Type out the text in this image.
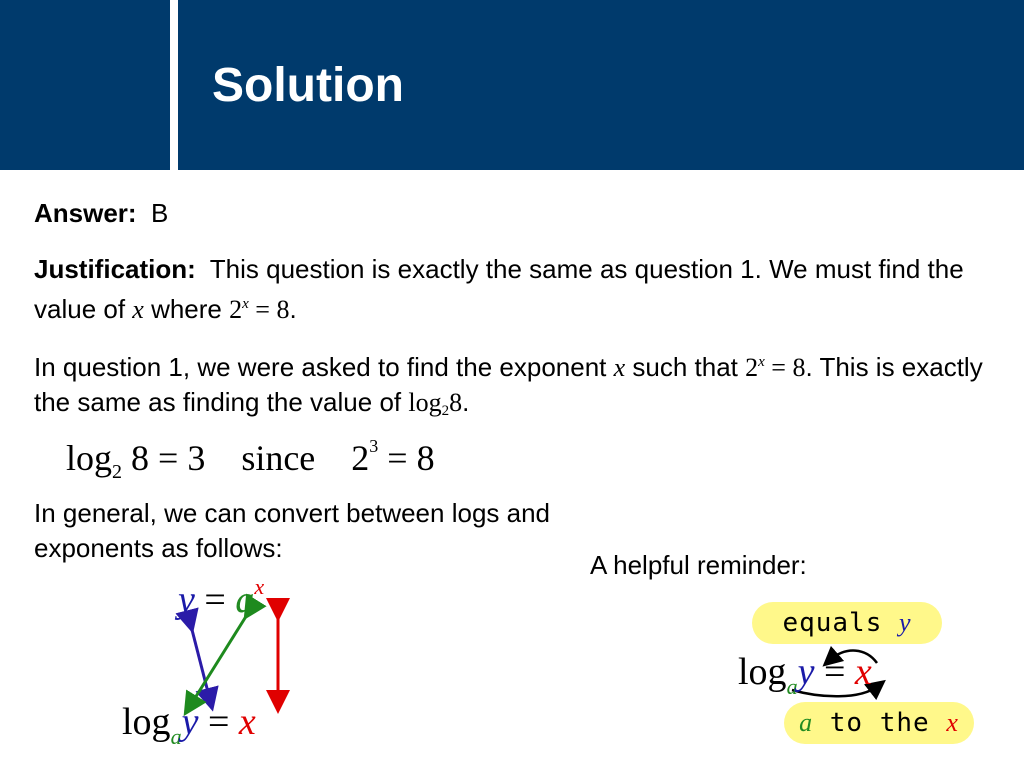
Solution
Answer: B
Justification: This question is exactly the same as question 1. We must find the value of x where $2^x = 8$.
In question 1, we were asked to find the exponent x such that $2^x = 8$. This is exactly the same as finding the value of $\log_28$.
$\log_2 8 = 3$    since    $2^3 = 8$
In general, we can convert between logs and exponents as follows:
$y = a^x$
$\log_ay = x$
A helpful reminder:
equals y
$\log_ay = x$
a to the x
